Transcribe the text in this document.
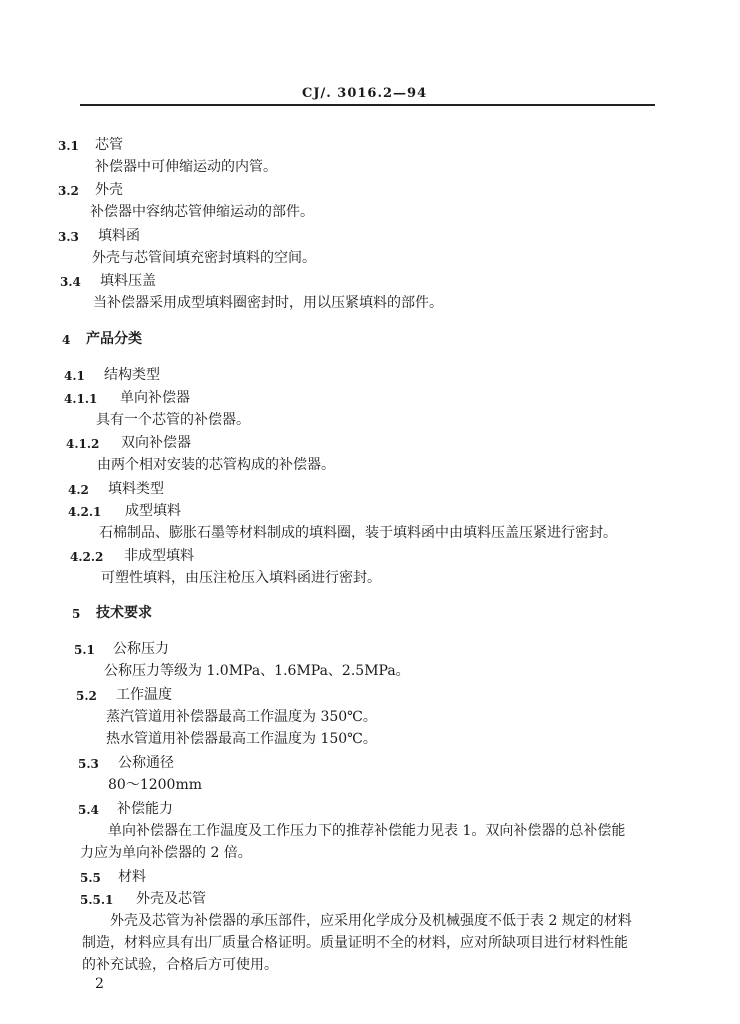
CJ/. 3016.2—94
3.1 芯管
补偿器中可伸缩运动的内管。
3.2 外壳
补偿器中容纳芯管伸缩运动的部件。
3.3 填料函
外壳与芯管间填充密封填料的空间。
3.4 填料压盖
当补偿器采用成型填料圈密封时，用以压紧填料的部件。
4 产品分类
4.1 结构类型
4.1.1 单向补偿器
具有一个芯管的补偿器。
4.1.2 双向补偿器
由两个相对安装的芯管构成的补偿器。
4.2 填料类型
4.2.1 成型填料
石棉制品、膨胀石墨等材料制成的填料圈，装于填料函中由填料压盖压紧进行密封。
4.2.2 非成型填料
可塑性填料，由压注枪压入填料函进行密封。
5 技术要求
5.1 公称压力
公称压力等级为 1.0MPa、1.6MPa、2.5MPa。
5.2 工作温度
蒸汽管道用补偿器最高工作温度为 350℃。
热水管道用补偿器最高工作温度为 150℃。
5.3 公称通径
80～1200mm
5.4 补偿能力
单向补偿器在工作温度及工作压力下的推荐补偿能力见表 1。双向补偿器的总补偿能
力应为单向补偿器的 2 倍。
5.5 材料
5.5.1 外壳及芯管
外壳及芯管为补偿器的承压部件，应采用化学成分及机械强度不低于表 2 规定的材料
制造，材料应具有出厂质量合格证明。质量证明不全的材料，应对所缺项目进行材料性能
的补充试验，合格后方可使用。
2
